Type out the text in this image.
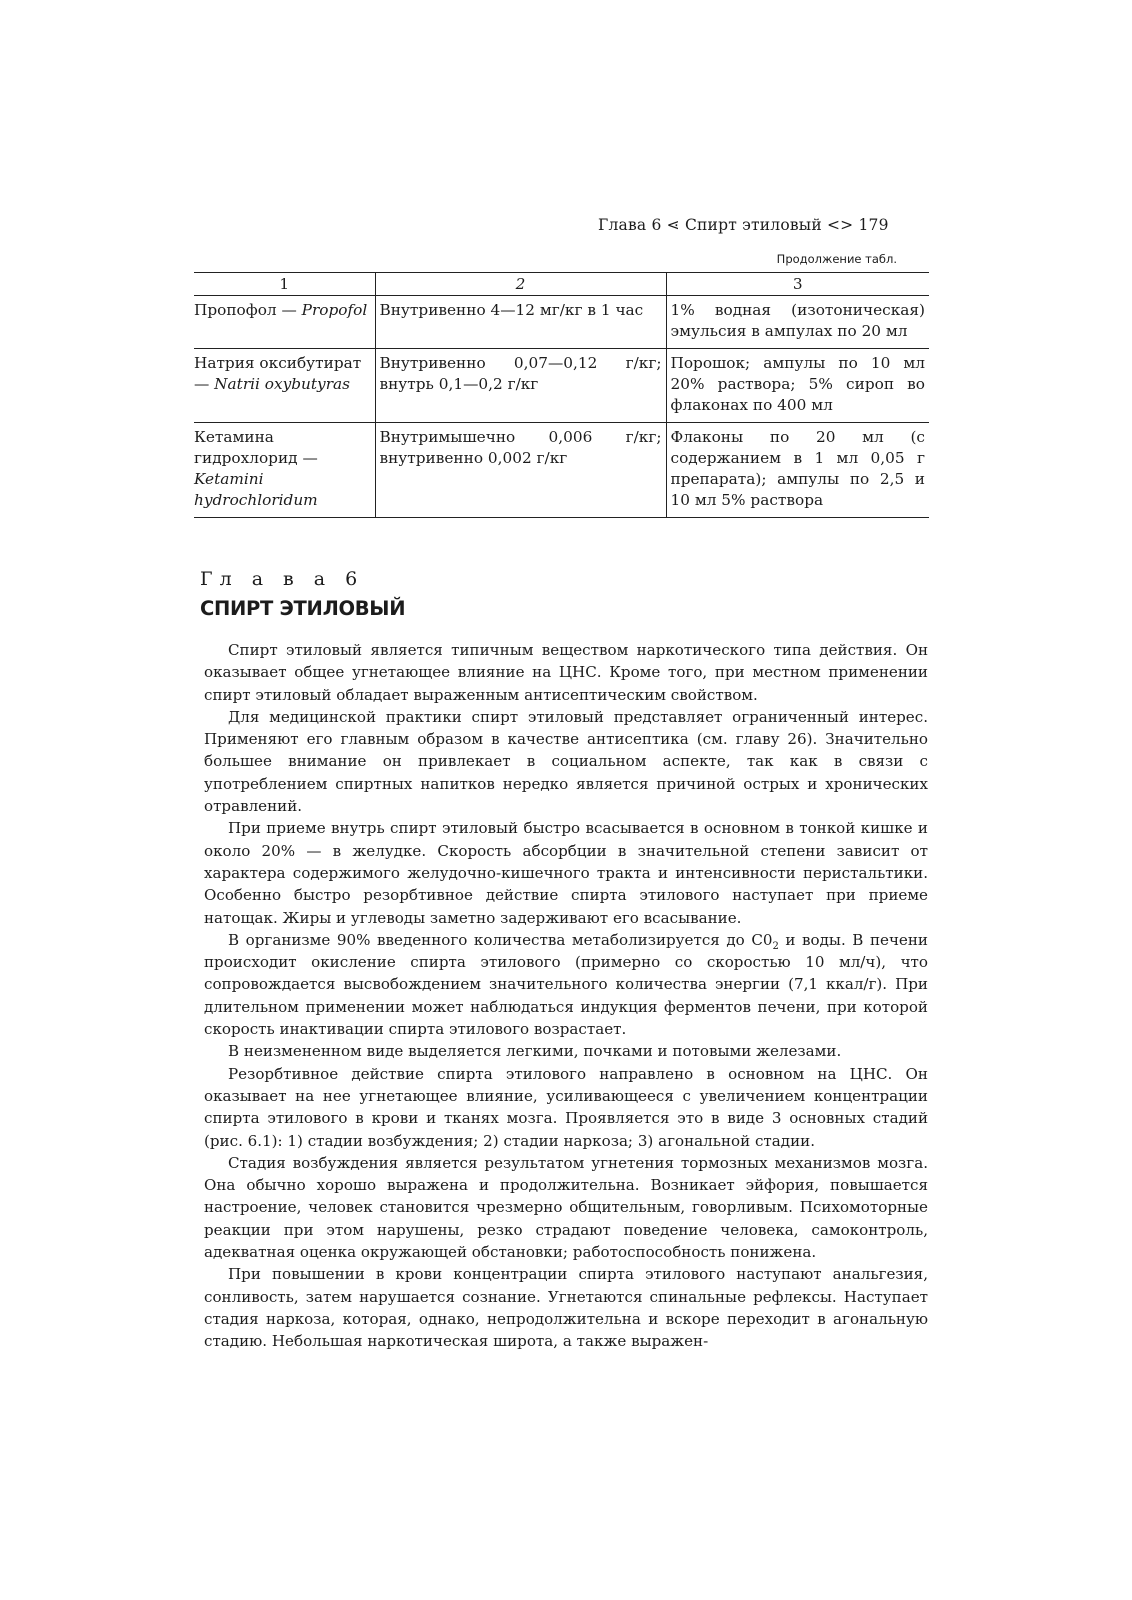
Глава 6 ⋖ Спирт этиловый <> 179
Продолжение табл.
1	2	3
Пропофол — Propofol	Внутривенно 4—12 мг/кг в 1 час	1% водная (изотоническая) эмульсия в ампулах по 20 мл
Натрия оксибутират — Natrii oxybutyras	Внутривенно 0,07—0,12 г/кг; внутрь 0,1—0,2 г/кг	Порошок; ампулы по 10 мл 20% раствора; 5% сироп во флаконах по 400 мл
Кетамина гидрохлорид — Ketamini hydrochloridum	Внутримышечно 0,006 г/кг; внутривенно 0,002 г/кг	Флаконы по 20 мл (с содержанием в 1 мл 0,05 г препарата); ампулы по 2,5 и 10 мл 5% раствора
Гл а в а 6
СПИРТ ЭТИЛОВЫЙ

Спирт этиловый является типичным веществом наркотического типа действия. Он оказывает общее угнетающее влияние на ЦНС. Кроме того, при местном применении спирт этиловый обладает выраженным антисептическим свойством.

Для медицинской практики спирт этиловый представляет ограниченный интерес. Применяют его главным образом в качестве антисептика (см. главу 26). Значительно большее внимание он привлекает в социальном аспекте, так как в связи с употреблением спиртных напитков нередко является причиной острых и хронических отравлений.

При приеме внутрь спирт этиловый быстро всасывается в основном в тонкой кишке и около 20% — в желудке. Скорость абсорбции в значительной степени зависит от характера содержимого желудочно-кишечного тракта и интенсивности перистальтики. Особенно быстро резорбтивное действие спирта этилового наступает при приеме натощак. Жиры и углеводы заметно задерживают его всасывание.

В организме 90% введенного количества метаболизируется до $С0_2$ и воды. В печени происходит окисление спирта этилового (примерно со скоростью 10 мл/ч), что сопровождается высвобождением значительного количества энергии (7,1 ккал/г). При длительном применении может наблюдаться индукция ферментов печени, при которой скорость инактивации спирта этилового возрастает.

В неизмененном виде выделяется легкими, почками и потовыми железами.

Резорбтивное действие спирта этилового направлено в основном на ЦНС. Он оказывает на нее угнетающее влияние, усиливающееся с увеличением концентрации спирта этилового в крови и тканях мозга. Проявляется это в виде 3 основных стадий (рис. 6.1): 1) стадии возбуждения; 2) стадии наркоза; 3) агональной стадии.

Стадия возбуждения является результатом угнетения тормозных механизмов мозга. Она обычно хорошо выражена и продолжительна. Возникает эйфория, повышается настроение, человек становится чрезмерно общительным, говорливым. Психомоторные реакции при этом нарушены, резко страдают поведение человека, самоконтроль, адекватная оценка окружающей обстановки; работоспособность понижена.

При повышении в крови концентрации спирта этилового наступают анальгезия, сонливость, затем нарушается сознание. Угнетаются спинальные рефлексы. Наступает стадия наркоза, которая, однако, непродолжительна и вскоре переходит в агональную стадию. Небольшая наркотическая широта, а также выражен-
